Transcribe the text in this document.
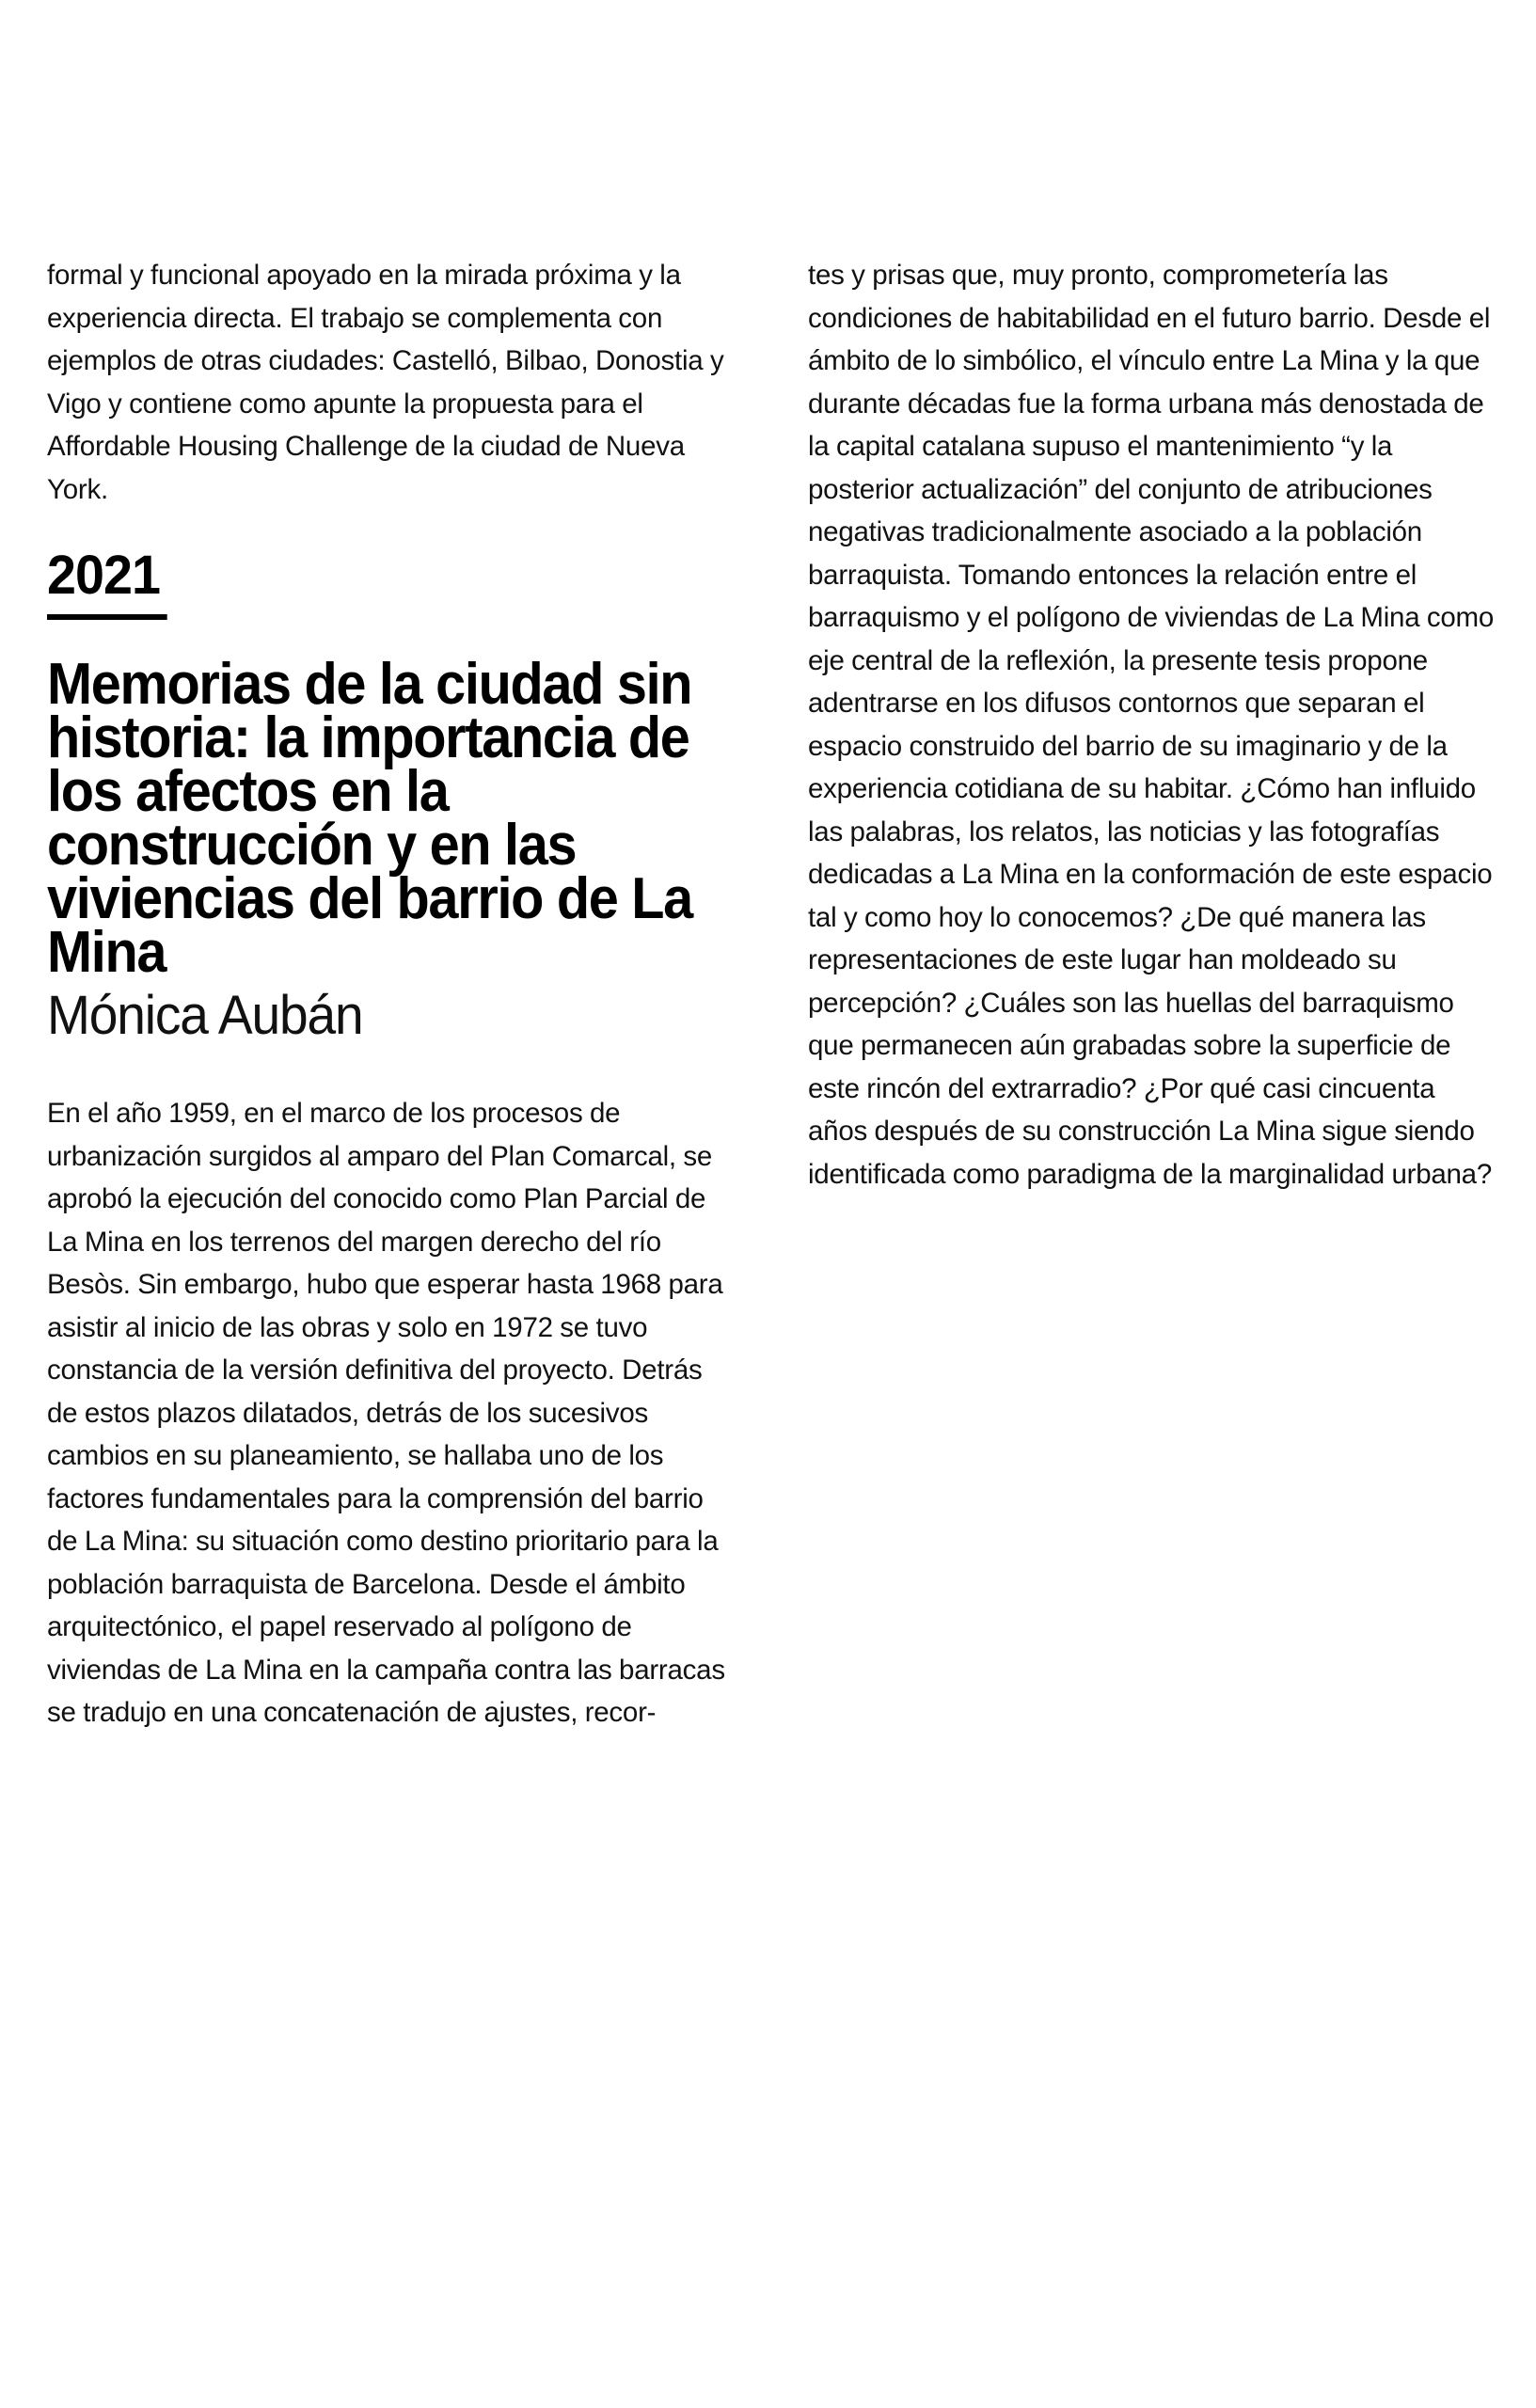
formal y funcional apoyado en la mirada próxima y la experiencia directa. El trabajo se complementa con ejemplos de otras ciudades: Castelló, Bilbao, Donostia y Vigo y contiene como apunte la propuesta para el Affordable Housing Challenge de la ciudad de Nueva York.

2021
Memorias de la ciudad sin historia: la importancia de los afectos en la construcción y en las viviencias del barrio de La Mina
Mónica Aubán

En el año 1959, en el marco de los procesos de urbanización surgidos al amparo del Plan Comarcal, se aprobó la ejecución del conocido como Plan Parcial de La Mina en los terrenos del margen derecho del río Besòs. Sin embargo, hubo que esperar hasta 1968 para asistir al inicio de las obras y solo en 1972 se tuvo constancia de la versión definitiva del proyecto. Detrás de estos plazos dilatados, detrás de los sucesivos cambios en su planeamiento, se hallaba uno de los factores fundamentales para la comprensión del barrio de La Mina: su situación como destino prioritario para la población barraquista de Barcelona. Desde el ámbito arquitectónico, el papel reservado al polígono de viviendas de La Mina en la campaña contra las barracas se tradujo en una concatenación de ajustes, recor-

tes y prisas que, muy pronto, comprometería las condiciones de habitabilidad en el futuro barrio. Desde el ámbito de lo simbólico, el vínculo entre La Mina y la que durante décadas fue la forma urbana más denostada de la capital catalana supuso el mantenimiento “y la posterior actualización” del conjunto de atribuciones negativas tradicionalmente asociado a la población barraquista. Tomando entonces la relación entre el barraquismo y el polígono de viviendas de La Mina como eje central de la reflexión, la presente tesis propone adentrarse en los difusos contornos que separan el espacio construido del barrio de su imaginario y de la experiencia cotidiana de su habitar. ¿Cómo han influido las palabras, los relatos, las noticias y las fotografías dedicadas a La Mina en la conformación de este espacio tal y como hoy lo conocemos? ¿De qué manera las representaciones de este lugar han moldeado su percepción? ¿Cuáles son las huellas del barraquismo que permanecen aún grabadas sobre la superficie de este rincón del extrarradio? ¿Por qué casi cincuenta años después de su construcción La Mina sigue siendo identificada como paradigma de la marginalidad urbana?
